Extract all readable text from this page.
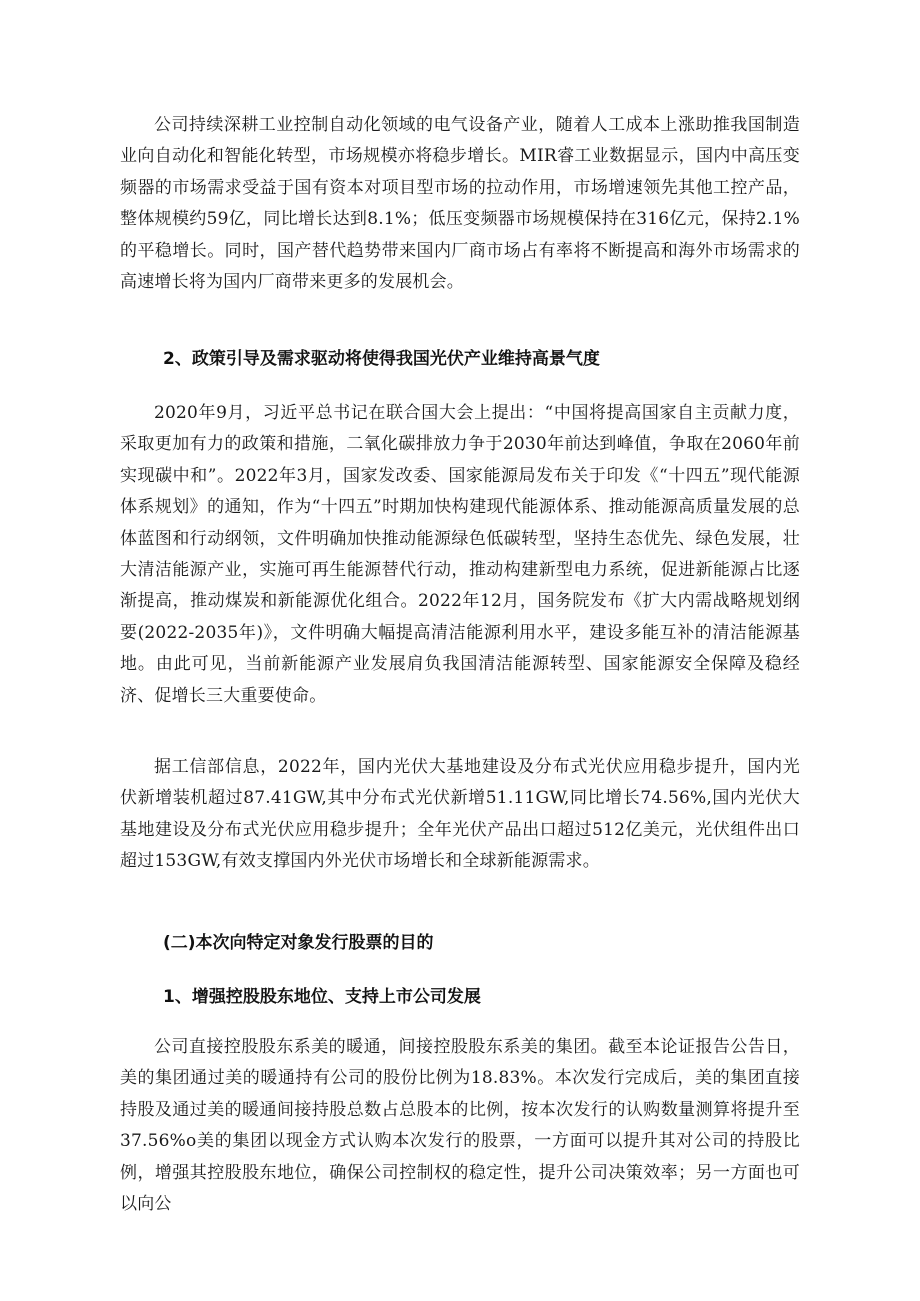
公司持续深耕工业控制自动化领域的电气设备产业，随着人工成本上涨助推我国制造业向自动化和智能化转型，市场规模亦将稳步增长。MIR睿工业数据显示，国内中高压变频器的市场需求受益于国有资本对项目型市场的拉动作用，市场增速领先其他工控产品，整体规模约59亿，同比增长达到8.1%；低压变频器市场规模保持在316亿元，保持2.1%的平稳增长。同时，国产替代趋势带来国内厂商市场占有率将不断提高和海外市场需求的高速增长将为国内厂商带来更多的发展机会。

2、政策引导及需求驱动将使得我国光伏产业维持高景气度

2020年9月，习近平总书记在联合国大会上提出：“中国将提高国家自主贡献力度，采取更加有力的政策和措施，二氧化碳排放力争于2030年前达到峰值，争取在2060年前实现碳中和”。2022年3月，国家发改委、国家能源局发布关于印发《“十四五”现代能源体系规划》的通知，作为“十四五”时期加快构建现代能源体系、推动能源高质量发展的总体蓝图和行动纲领，文件明确加快推动能源绿色低碳转型，坚持生态优先、绿色发展，壮大清洁能源产业，实施可再生能源替代行动，推动构建新型电力系统，促进新能源占比逐渐提高，推动煤炭和新能源优化组合。2022年12月，国务院发布《扩大内需战略规划纲要(2022-2035年)》，文件明确大幅提高清洁能源利用水平，建设多能互补的清洁能源基地。由此可见，当前新能源产业发展肩负我国清洁能源转型、国家能源安全保障及稳经济、促增长三大重要使命。

据工信部信息，2022年，国内光伏大基地建设及分布式光伏应用稳步提升，国内光伏新增装机超过87.41GW,其中分布式光伏新增51.11GW,同比增长74.56%,国内光伏大基地建设及分布式光伏应用稳步提升；全年光伏产品出口超过512亿美元，光伏组件出口超过153GW,有效支撑国内外光伏市场增长和全球新能源需求。

(二)本次向特定对象发行股票的目的

1、增强控股股东地位、支持上市公司发展

公司直接控股股东系美的暖通，间接控股股东系美的集团。截至本论证报告公告日，美的集团通过美的暖通持有公司的股份比例为18.83%。本次发行完成后，美的集团直接持股及通过美的暖通间接持股总数占总股本的比例，按本次发行的认购数量测算将提升至37.56%o美的集团以现金方式认购本次发行的股票，一方面可以提升其对公司的持股比例，增强其控股股东地位，确保公司控制权的稳定性，提升公司决策效率；另一方面也可以向公
